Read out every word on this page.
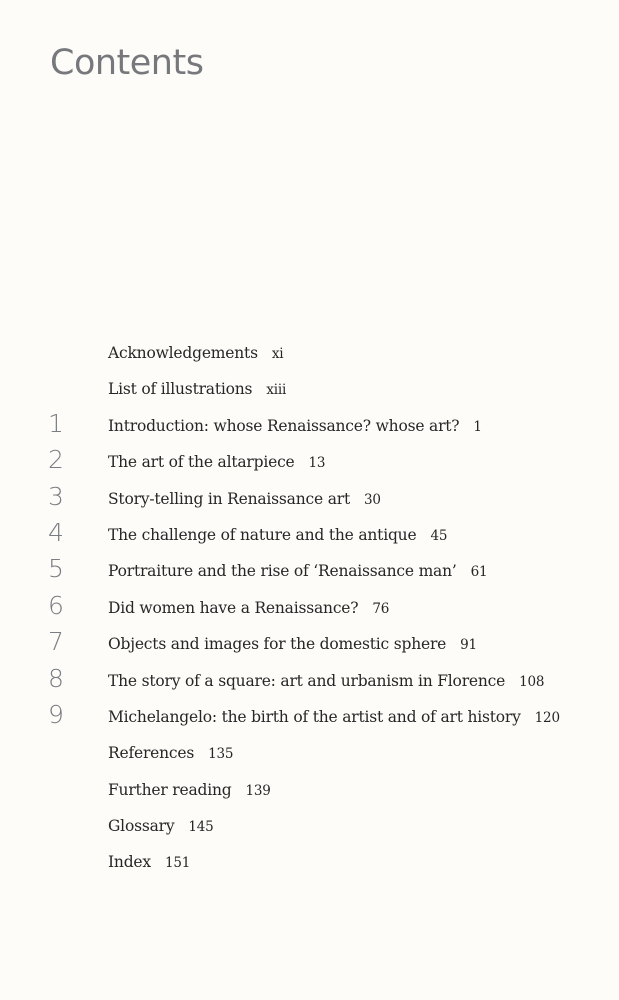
Contents
Acknowledgements xi
List of illustrations xiii
1	Introduction: whose Renaissance? whose art? 1
2	The art of the altarpiece 13
3	Story-telling in Renaissance art 30
4	The challenge of nature and the antique 45
5	Portraiture and the rise of ‘Renaissance man’ 61
6	Did women have a Renaissance? 76
7	Objects and images for the domestic sphere 91
8	The story of a square: art and urbanism in Florence 108
9	Michelangelo: the birth of the artist and of art history 120
References 135
Further reading 139
Glossary 145
Index 151
